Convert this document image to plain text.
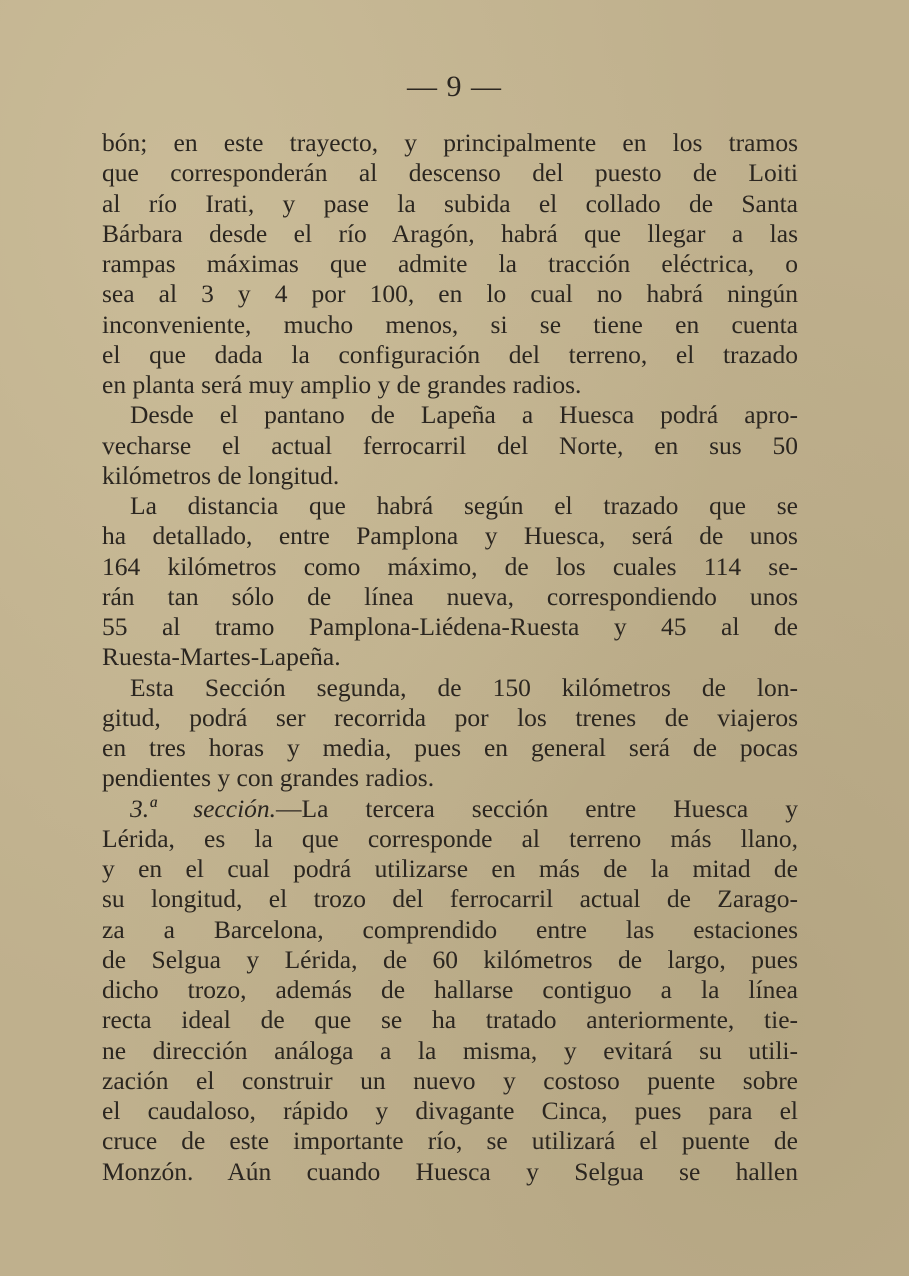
— 9 —
bón; en este trayecto, y principalmente en los tramos
que corresponderán al descenso del puesto de Loiti
al río Irati, y pase la subida el collado de Santa
Bárbara desde el río Aragón, habrá que llegar a las
rampas máximas que admite la tracción eléctrica, o
sea al 3 y 4 por 100, en lo cual no habrá ningún
inconveniente, mucho menos, si se tiene en cuenta
el que dada la configuración del terreno, el trazado
en planta será muy amplio y de grandes radios.
Desde el pantano de Lapeña a Huesca podrá apro-
vecharse el actual ferrocarril del Norte, en sus 50
kilómetros de longitud.
La distancia que habrá según el trazado que se
ha detallado, entre Pamplona y Huesca, será de unos
164 kilómetros como máximo, de los cuales 114 se-
rán tan sólo de línea nueva, correspondiendo unos
55 al tramo Pamplona-Liédena-Ruesta y 45 al de
Ruesta-Martes-Lapeña.
Esta Sección segunda, de 150 kilómetros de lon-
gitud, podrá ser recorrida por los trenes de viajeros
en tres horas y media, pues en general será de pocas
pendientes y con grandes radios.
3.ª sección.—La tercera sección entre Huesca y
Lérida, es la que corresponde al terreno más llano,
y en el cual podrá utilizarse en más de la mitad de
su longitud, el trozo del ferrocarril actual de Zarago-
za a Barcelona, comprendido entre las estaciones
de Selgua y Lérida, de 60 kilómetros de largo, pues
dicho trozo, además de hallarse contiguo a la línea
recta ideal de que se ha tratado anteriormente, tie-
ne dirección análoga a la misma, y evitará su utili-
zación el construir un nuevo y costoso puente sobre
el caudaloso, rápido y divagante Cinca, pues para el
cruce de este importante río, se utilizará el puente de
Monzón. Aún cuando Huesca y Selgua se hallen
